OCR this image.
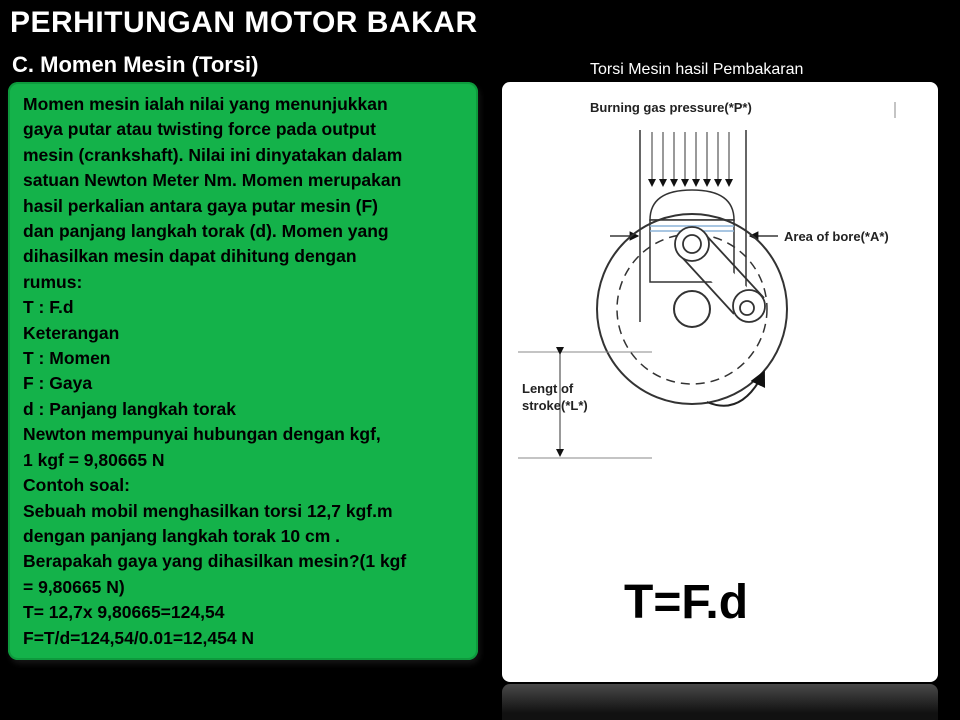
PERHITUNGAN MOTOR BAKAR
C. Momen Mesin (Torsi)	Torsi Mesin hasil Pembakaran

Momen mesin ialah nilai yang menunjukkan

gaya putar atau twisting force pada output

mesin (crankshaft). Nilai ini dinyatakan dalam

satuan Newton Meter Nm. Momen merupakan

hasil perkalian antara gaya putar mesin (F)

dan panjang langkah torak (d). Momen yang

dihasilkan mesin dapat dihitung dengan

rumus:

T : F.d

Keterangan

T : Momen

F : Gaya

d : Panjang langkah torak

Newton mempunyai hubungan dengan kgf,

1 kgf = 9,80665 N

Contoh soal:

Sebuah mobil menghasilkan torsi 12,7 kgf.m

dengan panjang langkah torak 10 cm .

Berapakah gaya yang dihasilkan mesin?(1 kgf

= 9,80665 N)

T= 12,7x 9,80665=124,54

F=T/d=124,54/0.01=12,454 N

Burning gas pressure(*P*)
Area of bore(*A*)
Lengt of
stroke(*L*)
T=F.d
